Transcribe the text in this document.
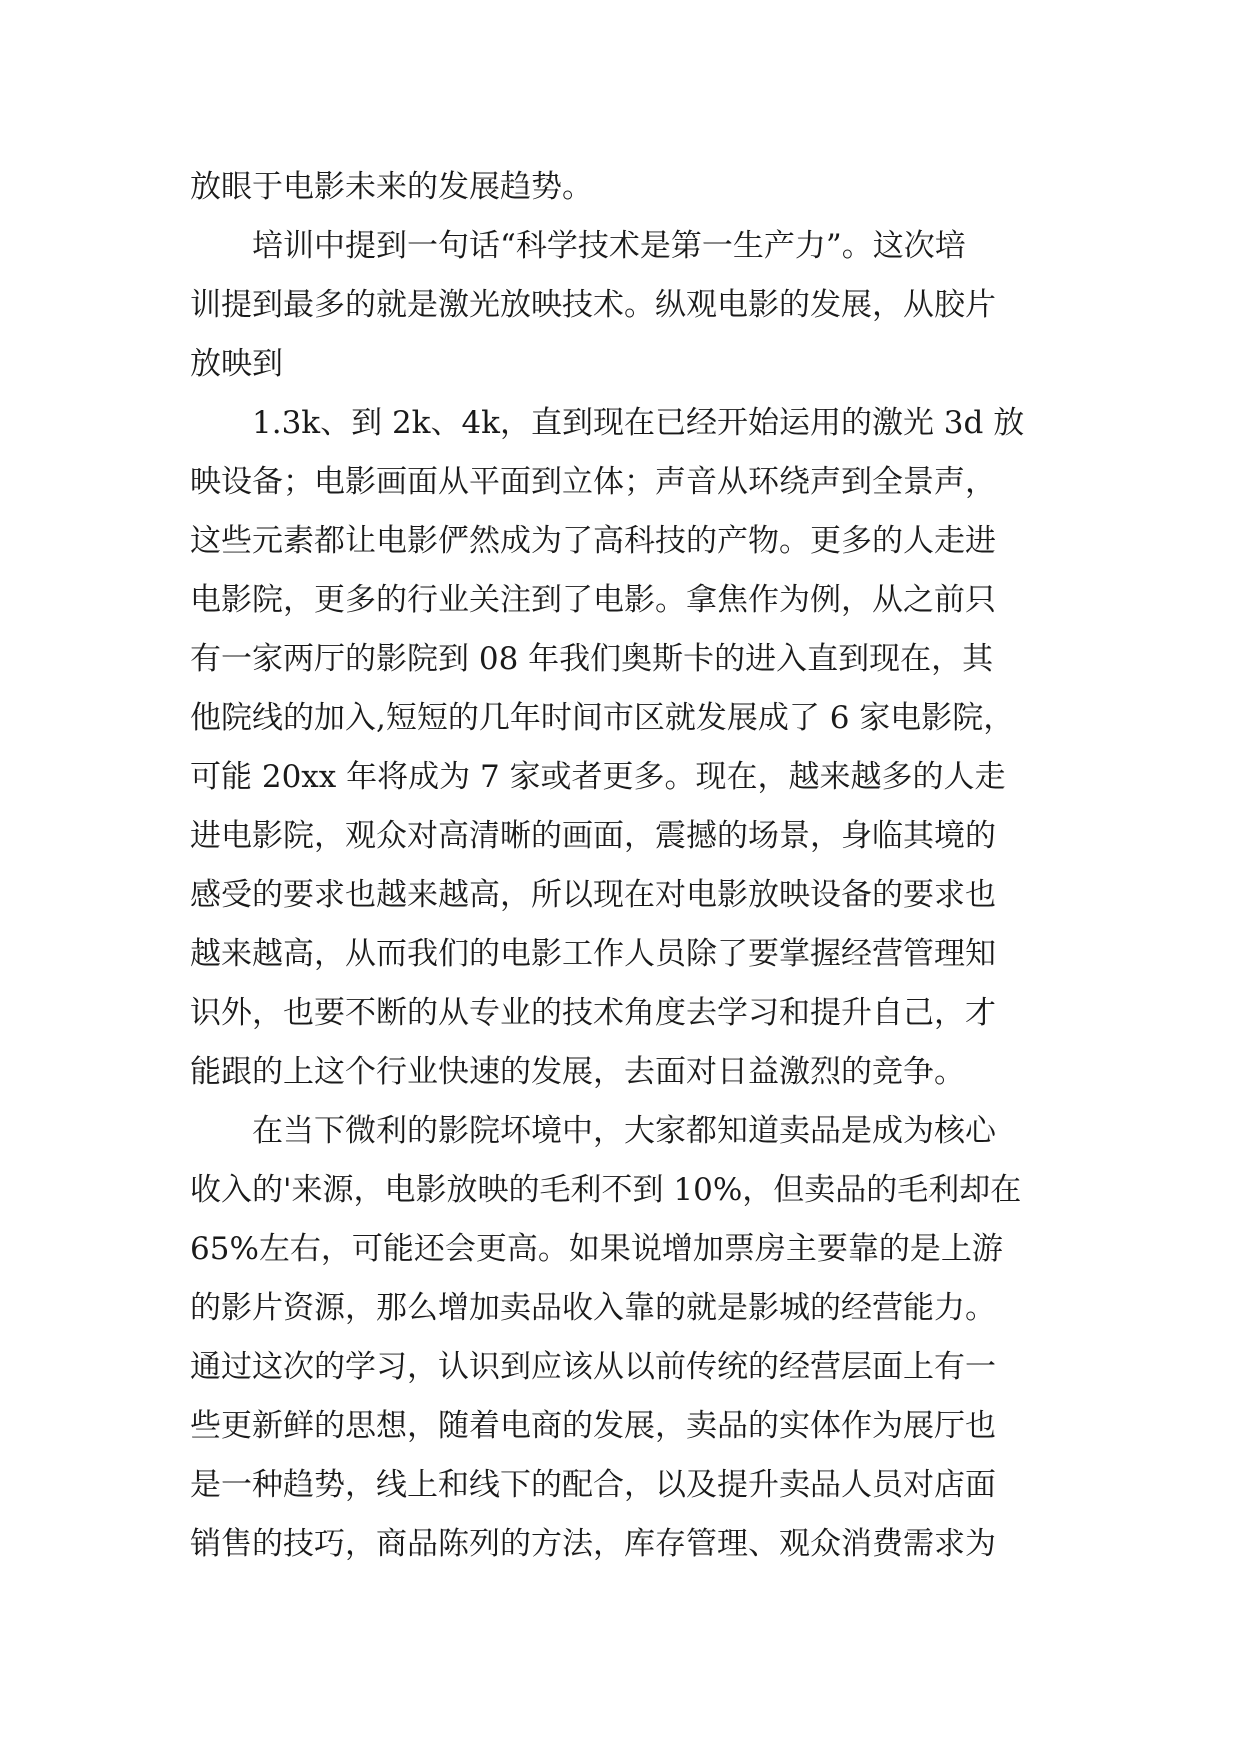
放眼于电影未来的发展趋势。
　　培训中提到一句话“科学技术是第一生产力”。这次培
训提到最多的就是激光放映技术。纵观电影的发展，从胶片
放映到
　　1.3k、到 2k、4k，直到现在已经开始运用的激光 3d 放
映设备；电影画面从平面到立体；声音从环绕声到全景声，
这些元素都让电影俨然成为了高科技的产物。更多的人走进
电影院，更多的行业关注到了电影。拿焦作为例，从之前只
有一家两厅的影院到 08 年我们奥斯卡的进入直到现在，其
他院线的加入,短短的几年时间市区就发展成了 6 家电影院，
可能 20xx 年将成为 7 家或者更多。现在，越来越多的人走
进电影院，观众对高清晰的画面，震撼的场景，身临其境的
感受的要求也越来越高，所以现在对电影放映设备的要求也
越来越高，从而我们的电影工作人员除了要掌握经营管理知
识外，也要不断的从专业的技术角度去学习和提升自己，才
能跟的上这个行业快速的发展，去面对日益激烈的竞争。
　　在当下微利的影院坏境中，大家都知道卖品是成为核心
收入的'来源，电影放映的毛利不到 10%，但卖品的毛利却在
65%左右，可能还会更高。如果说增加票房主要靠的是上游
的影片资源，那么增加卖品收入靠的就是影城的经营能力。
通过这次的学习，认识到应该从以前传统的经营层面上有一
些更新鲜的思想，随着电商的发展，卖品的实体作为展厅也
是一种趋势，线上和线下的配合，以及提升卖品人员对店面
销售的技巧，商品陈列的方法，库存管理、观众消费需求为
